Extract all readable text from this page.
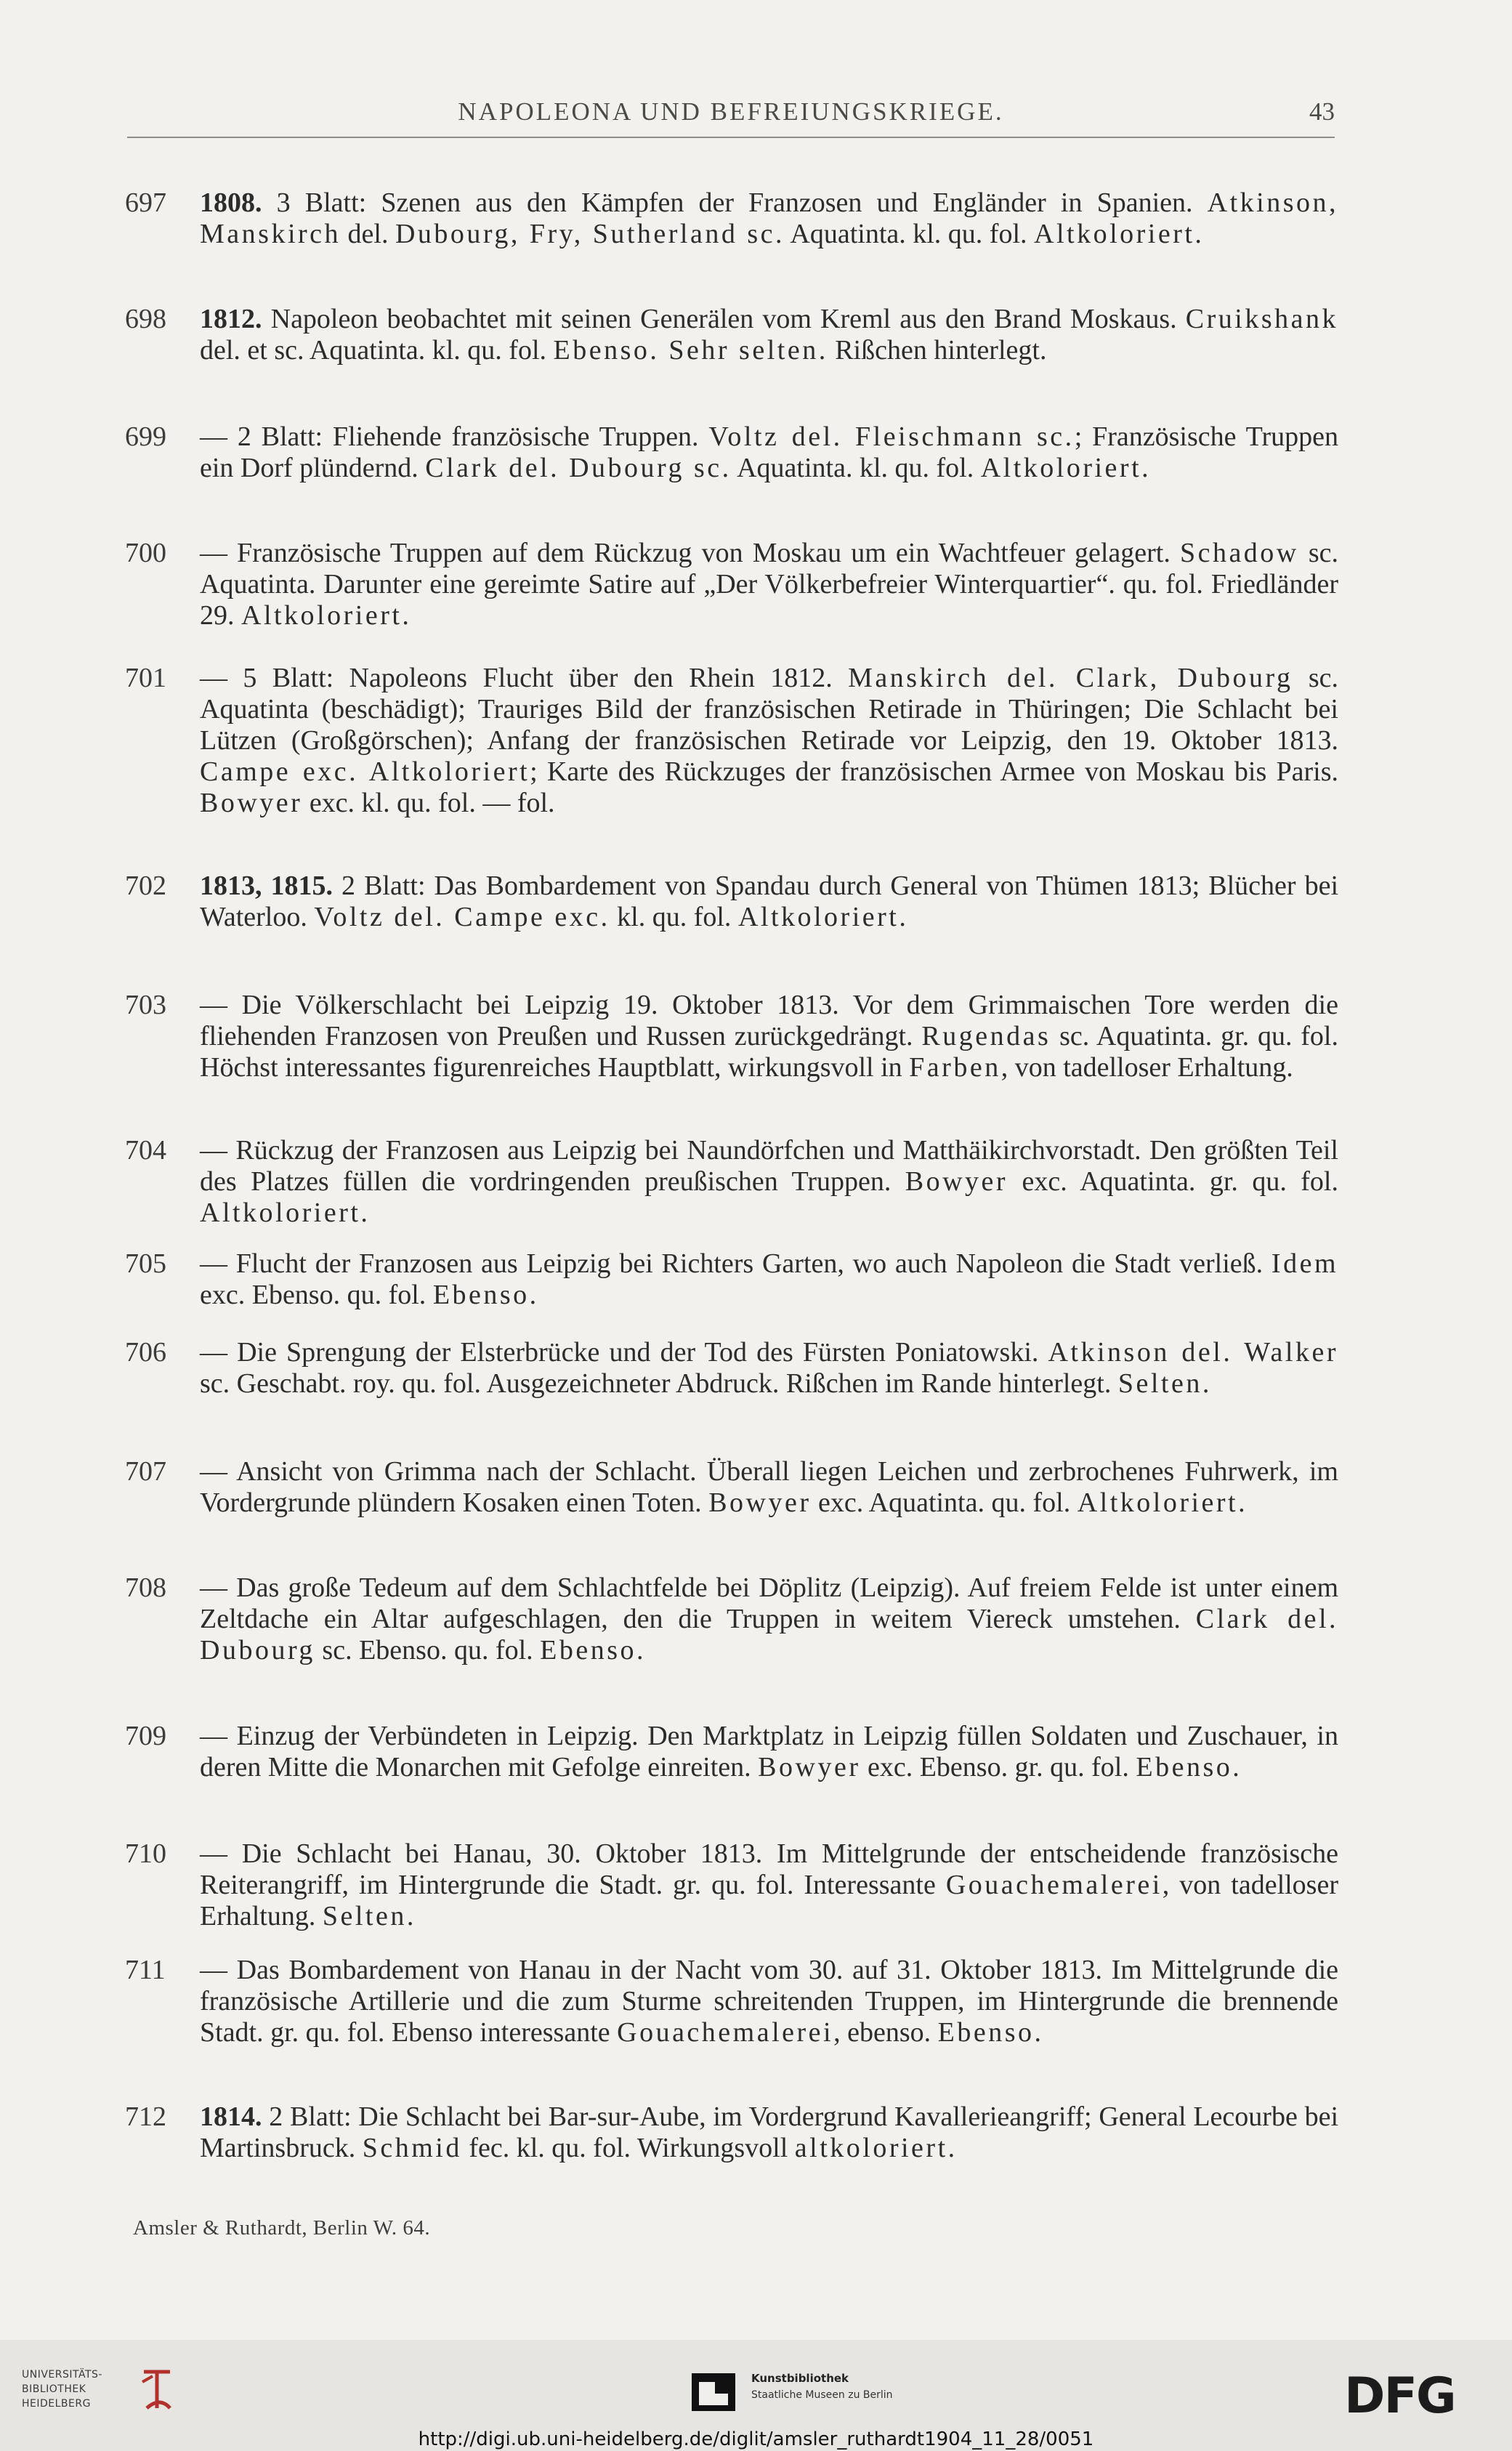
NAPOLEONA UND BEFREIUNGSKRIEGE.	43
697	1808. 3 Blatt: Szenen aus den Kämpfen der Franzosen und Engländer in Spanien. Atkinson, Manskirch del. Dubourg, Fry, Sutherland sc. Aquatinta. kl. qu. fol. Altkoloriert.
698	1812. Napoleon beobachtet mit seinen Generälen vom Kreml aus den Brand Moskaus. Cruikshank del. et sc. Aquatinta. kl. qu. fol. Ebenso. Sehr selten. Rißchen hinterlegt.
699	— 2 Blatt: Fliehende französische Truppen. Voltz del. Fleischmann sc.; Französische Truppen ein Dorf plündernd. Clark del. Dubourg sc. Aquatinta. kl. qu. fol. Altkoloriert.
700	— Französische Truppen auf dem Rückzug von Moskau um ein Wachtfeuer gelagert. Schadow sc. Aquatinta. Darunter eine gereimte Satire auf „Der Völkerbefreier Winterquartier“. qu. fol. Friedländer 29. Altkoloriert.
701	— 5 Blatt: Napoleons Flucht über den Rhein 1812. Manskirch del. Clark, Dubourg sc. Aquatinta (beschädigt); Trauriges Bild der französischen Retirade in Thüringen; Die Schlacht bei Lützen (Großgörschen); Anfang der französischen Retirade vor Leipzig, den 19. Oktober 1813. Campe exc. Altkoloriert; Karte des Rückzuges der französischen Armee von Moskau bis Paris. Bowyer exc. kl. qu. fol. — fol.
702	1813, 1815. 2 Blatt: Das Bombardement von Spandau durch General von Thümen 1813; Blücher bei Waterloo. Voltz del. Campe exc. kl. qu. fol. Altkoloriert.
703	— Die Völkerschlacht bei Leipzig 19. Oktober 1813. Vor dem Grimmaischen Tore werden die fliehenden Franzosen von Preußen und Russen zurückgedrängt. Rugendas sc. Aquatinta. gr. qu. fol. Höchst interessantes figurenreiches Hauptblatt, wirkungsvoll in Farben, von tadelloser Erhaltung.
704	— Rückzug der Franzosen aus Leipzig bei Naundörfchen und Matthäikirchvorstadt. Den größten Teil des Platzes füllen die vordringenden preußischen Truppen. Bowyer exc. Aquatinta. gr. qu. fol. Altkoloriert.
705	— Flucht der Franzosen aus Leipzig bei Richters Garten, wo auch Napoleon die Stadt verließ. Idem exc. Ebenso. qu. fol. Ebenso.
706	— Die Sprengung der Elsterbrücke und der Tod des Fürsten Poniatowski. Atkinson del. Walker sc. Geschabt. roy. qu. fol. Ausgezeichneter Abdruck. Rißchen im Rande hinterlegt. Selten.
707	— Ansicht von Grimma nach der Schlacht. Überall liegen Leichen und zerbrochenes Fuhrwerk, im Vordergrunde plündern Kosaken einen Toten. Bowyer exc. Aquatinta. qu. fol. Altkoloriert.
708	— Das große Tedeum auf dem Schlachtfelde bei Döplitz (Leipzig). Auf freiem Felde ist unter einem Zeltdache ein Altar aufgeschlagen, den die Truppen in weitem Viereck umstehen. Clark del. Dubourg sc. Ebenso. qu. fol. Ebenso.
709	— Einzug der Verbündeten in Leipzig. Den Marktplatz in Leipzig füllen Soldaten und Zuschauer, in deren Mitte die Monarchen mit Gefolge einreiten. Bowyer exc. Ebenso. gr. qu. fol. Ebenso.
710	— Die Schlacht bei Hanau, 30. Oktober 1813. Im Mittelgrunde der entscheidende französische Reiterangriff, im Hintergrunde die Stadt. gr. qu. fol. Interessante Gouachemalerei, von tadelloser Erhaltung. Selten.
711	— Das Bombardement von Hanau in der Nacht vom 30. auf 31. Oktober 1813. Im Mittelgrunde die französische Artillerie und die zum Sturme schreitenden Truppen, im Hintergrunde die brennende Stadt. gr. qu. fol. Ebenso interessante Gouachemalerei, ebenso. Ebenso.
712	1814. 2 Blatt: Die Schlacht bei Bar-sur-Aube, im Vordergrund Kavallerieangriff; General Lecourbe bei Martinsbruck. Schmid fec. kl. qu. fol. Wirkungsvoll altkoloriert.
Amsler & Ruthardt, Berlin W. 64.
UNIVERSITÄTS-
BIBLIOTHEK
HEIDELBERG
Kunstbibliothek
Staatliche Museen zu Berlin	DFG
http://digi.ub.uni-heidelberg.de/diglit/amsler_ruthardt1904_11_28/0051
